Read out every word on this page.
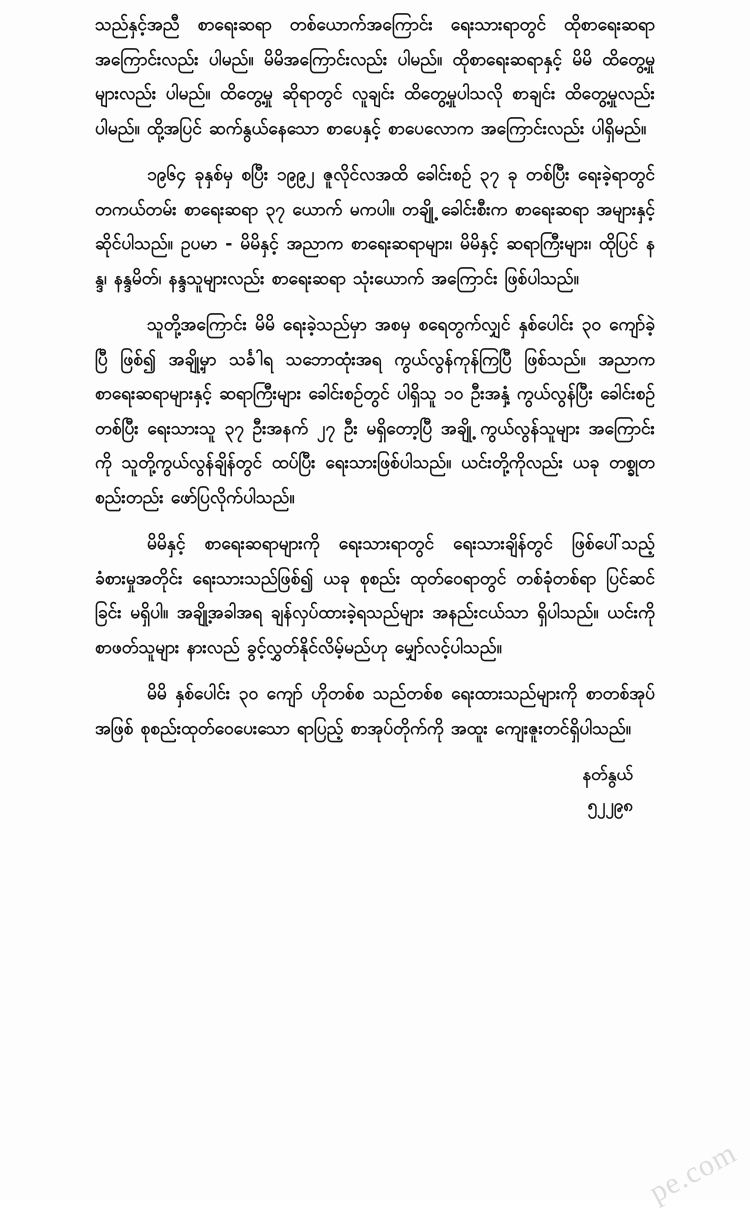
သည်နှင့်အညီ စာရေးဆရာ တစ်ယောက်အကြောင်း ရေးသားရာတွင် ထိုစာရေးဆရာအကြောင်းလည်း ပါမည်။ မိမိအကြောင်းလည်း ပါမည်။ ထိုစာရေးဆရာနှင့် မိမိ ထိတွေ့မှုများလည်း ပါမည်။ ထိတွေ့မှု ဆိုရာတွင် လူချင်း ထိတွေ့မှုပါသလို စာချင်း ထိတွေ့မှုလည်း ပါမည်။ ထို့အပြင် ဆက်နွယ်နေသော စာပေနှင့် စာပေလောက အကြောင်းလည်း ပါရှိမည်။

၁၉၆၄ ခုနှစ်မှ စပြီး ၁၉၉၂ ဇူလိုင်လအထိ ခေါင်းစဉ် ၃၇ ခု တစ်ပြီး ရေးခဲ့ရာတွင် တကယ်တမ်း စာရေးဆရာ ၃၇ ယောက် မကပါ။ တချို့ ခေါင်းစီးက စာရေးဆရာ အများနှင့် ဆိုင်ပါသည်။ ဥပမာ - မိမိနှင့် အညာက စာရေးဆရာများ၊ မိမိနှင့် ဆရာကြီးများ၊ ထိုပြင် နန္ဒ၊ နန္ဒမိတ်၊ နန္ဒသူများလည်း စာရေးဆရာ သုံးယောက် အကြောင်း ဖြစ်ပါသည်။

သူတို့အကြောင်း မိမိ ရေးခဲ့သည်မှာ အစမှ စရေတွက်လျှင် နှစ်ပေါင်း ၃၀ ကျော်ခဲ့ပြီ ဖြစ်၍ အချို့မှာ သင်္ခါရ သဘောထုံးအရ ကွယ်လွန်ကုန်ကြပြီ ဖြစ်သည်။ အညာက စာရေးဆရာများနှင့် ဆရာကြီးများ ခေါင်းစဉ်တွင် ပါရှိသူ ၁၀ ဦးအနှံ့ ကွယ်လွန်ပြီး ခေါင်းစဉ်တစ်ပြီး ရေးသားသူ ၃၇ ဦးအနက် ၂၇ ဦး မရှိတော့ပြီ အချို့ ကွယ်လွန်သူများ အကြောင်းကို သူတို့ကွယ်လွန်ချိန်တွင် ထပ်ပြီး ရေးသားဖြစ်ပါသည်။ ယင်းတို့ကိုလည်း ယခု တစ္ခုတစည်းတည်း ဖော်ပြလိုက်ပါသည်။

မိမိနှင့် စာရေးဆရာများကို ရေးသားရာတွင် ရေးသားချိန်တွင် ဖြစ်ပေါ်သည့် ခံစားမှုအတိုင်း ရေးသားသည်ဖြစ်၍ ယခု စုစည်း ထုတ်ဝေရာတွင် တစ်ခုံတစ်ရာ ပြင်ဆင်ခြင်း မရှိပါ။ အချို့အခါအရ ချန်လှပ်ထားခဲ့ရသည်များ အနည်းငယ်သာ ရှိပါသည်။ ယင်းကို စာဖတ်သူများ နားလည် ခွင့်လွှတ်နိုင်လိမ့်မည်ဟု မျှော်လင့်ပါသည်။

မိမိ နှစ်ပေါင်း ၃၀ ကျော် ဟိုတစ်စ သည်တစ်စ ရေးထားသည်များကို စာတစ်အုပ်အဖြစ် စုစည်းထုတ်ဝေပေးသော ရာပြည့် စာအုပ်တိုက်ကို အထူး ကျေးဇူးတင်ရှိပါသည်။

နတ်နွယ်
၅၂၂၉၈
pe.com
